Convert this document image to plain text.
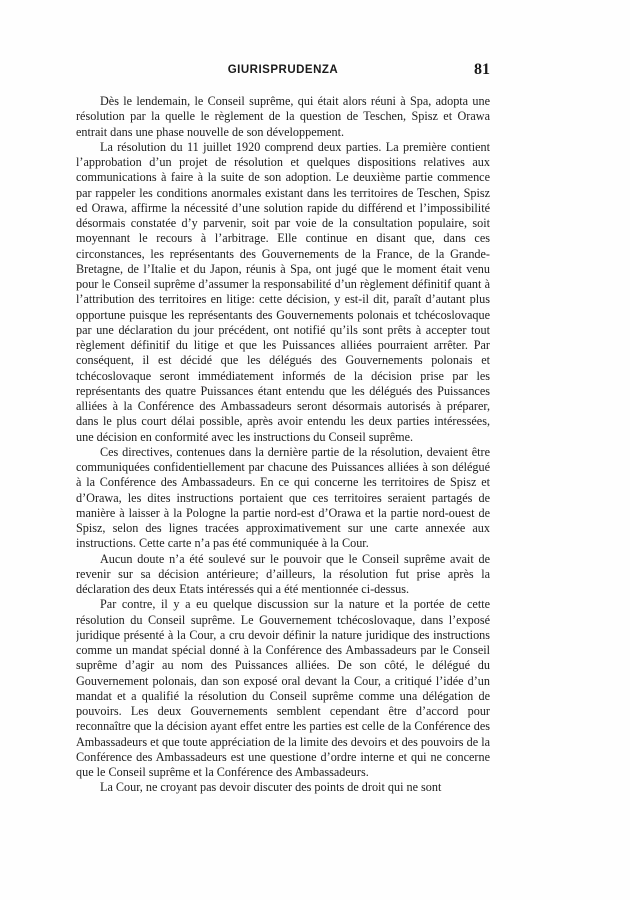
GIURISPRUDENZA	81

Dès le lendemain, le Conseil suprême, qui était alors réuni à Spa, adopta une résolution par la quelle le règlement de la question de Teschen, Spisz et Orawa entrait dans une phase nouvelle de son développement.

La résolution du 11 juillet 1920 comprend deux parties. La première contient l’approbation d’un projet de résolution et quelques dispositions relatives aux communications à faire à la suite de son adoption. Le deuxième partie commence par rappeler les conditions anormales existant dans les territoires de Teschen, Spisz ed Orawa, affirme la nécessité d’une solution rapide du différend et l’impossibilité désormais constatée d’y parvenir, soit par voie de la consultation populaire, soit moyennant le recours à l’arbitrage. Elle continue en disant que, dans ces circonstances, les représentants des Gouvernements de la France, de la Grande-Bretagne, de l’Italie et du Japon, réunis à Spa, ont jugé que le moment était venu pour le Conseil suprême d’assumer la responsabilité d’un règlement définitif quant à l’attribution des territoires en litige: cette décision, y est-il dit, paraît d’autant plus opportune puisque les représentants des Gouvernements polonais et tchécoslovaque par une déclaration du jour précédent, ont notifié qu’ils sont prêts à accepter tout règlement définitif du litige et que les Puissances alliées pourraient arrêter. Par conséquent, il est décidé que les délégués des Gouvernements polonais et tchécoslovaque seront immédiatement informés de la décision prise par les représentants des quatre Puissances étant entendu que les délégués des Puissances alliées à la Conférence des Ambassadeurs seront désormais autorisés à préparer, dans le plus court délai possible, après avoir entendu les deux parties intéressées, une décision en conformité avec les instructions du Conseil suprême.

Ces directives, contenues dans la dernière partie de la résolution, devaient être communiquées confidentiellement par chacune des Puissances alliées à son délégué à la Conférence des Ambassadeurs. En ce qui concerne les territoires de Spisz et d’Orawa, les dites instructions portaient que ces territoires seraient partagés de manière à laisser à la Pologne la partie nord-est d’Orawa et la partie nord-ouest de Spisz, selon des lignes tracées approximativement sur une carte annexée aux instructions. Cette carte n’a pas été communiquée à la Cour.

Aucun doute n’a été soulevé sur le pouvoir que le Conseil suprême avait de revenir sur sa décision antérieure; d’ailleurs, la résolution fut prise après la déclaration des deux Etats intéressés qui a été mentionnée ci-dessus.

Par contre, il y a eu quelque discussion sur la nature et la portée de cette résolution du Conseil suprême. Le Gouvernement tchécoslovaque, dans l’exposé juridique présenté à la Cour, a cru devoir définir la nature juridique des instructions comme un mandat spécial donné à la Conférence des Ambassadeurs par le Conseil suprême d’agir au nom des Puissances alliées. De son côté, le délégué du Gouvernement polonais, dan son exposé oral devant la Cour, a critiqué l’idée d’un mandat et a qualifié la résolution du Conseil suprême comme una délégation de pouvoirs. Les deux Gouvernements semblent cependant être d’accord pour reconnaître que la décision ayant effet entre les parties est celle de la Conférence des Ambassadeurs et que toute appréciation de la limite des devoirs et des pouvoirs de la Conférence des Ambassadeurs est une questione d’ordre interne et qui ne concerne que le Conseil suprême et la Conférence des Ambassadeurs.

La Cour, ne croyant pas devoir discuter des points de droit qui ne sont
